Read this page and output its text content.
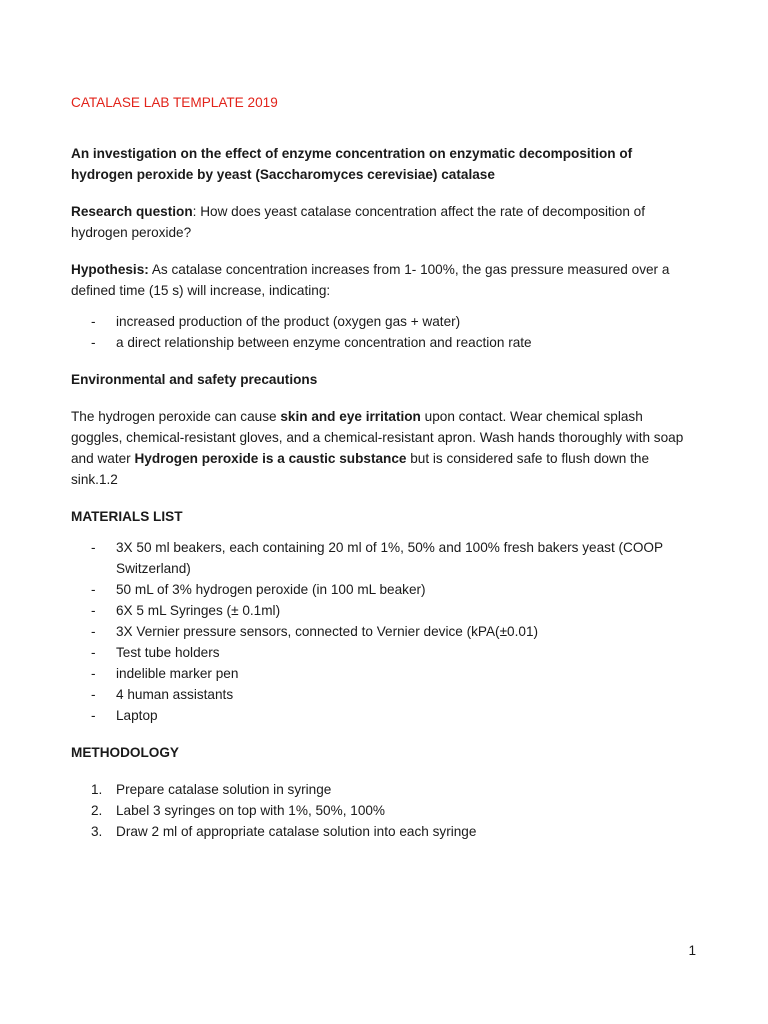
CATALASE LAB TEMPLATE 2019
An investigation on the effect of enzyme concentration on enzymatic decomposition of hydrogen peroxide by yeast (Saccharomyces cerevisiae) catalase

Research question: How does yeast catalase concentration affect the rate of decomposition of hydrogen peroxide?

Hypothesis: As catalase concentration increases from 1- 100%, the gas pressure measured over a defined time (15 s) will increase, indicating:

- increased production of the product (oxygen gas + water)
- a direct relationship between enzyme concentration and reaction rate
Environmental and safety precautions

The hydrogen peroxide can cause skin and eye irritation upon contact. Wear chemical splash goggles, chemical-resistant gloves, and a chemical-resistant apron. Wash hands thoroughly with soap and water Hydrogen peroxide is a caustic substance but is considered safe to flush down the sink.1.2

MATERIALS LIST
- 3X 50 ml beakers, each containing 20 ml of 1%, 50% and 100% fresh bakers yeast (COOP Switzerland)
- 50 mL of 3% hydrogen peroxide (in 100 mL beaker)
- 6X 5 mL Syringes (± 0.1ml)
- 3X Vernier pressure sensors, connected to Vernier device (kPA(±0.01)
- Test tube holders
- indelible marker pen
- 4 human assistants
- Laptop
METHODOLOGY
1. Prepare catalase solution in syringe
2. Label 3 syringes on top with 1%, 50%, 100%
3. Draw 2 ml of appropriate catalase solution into each syringe
1
